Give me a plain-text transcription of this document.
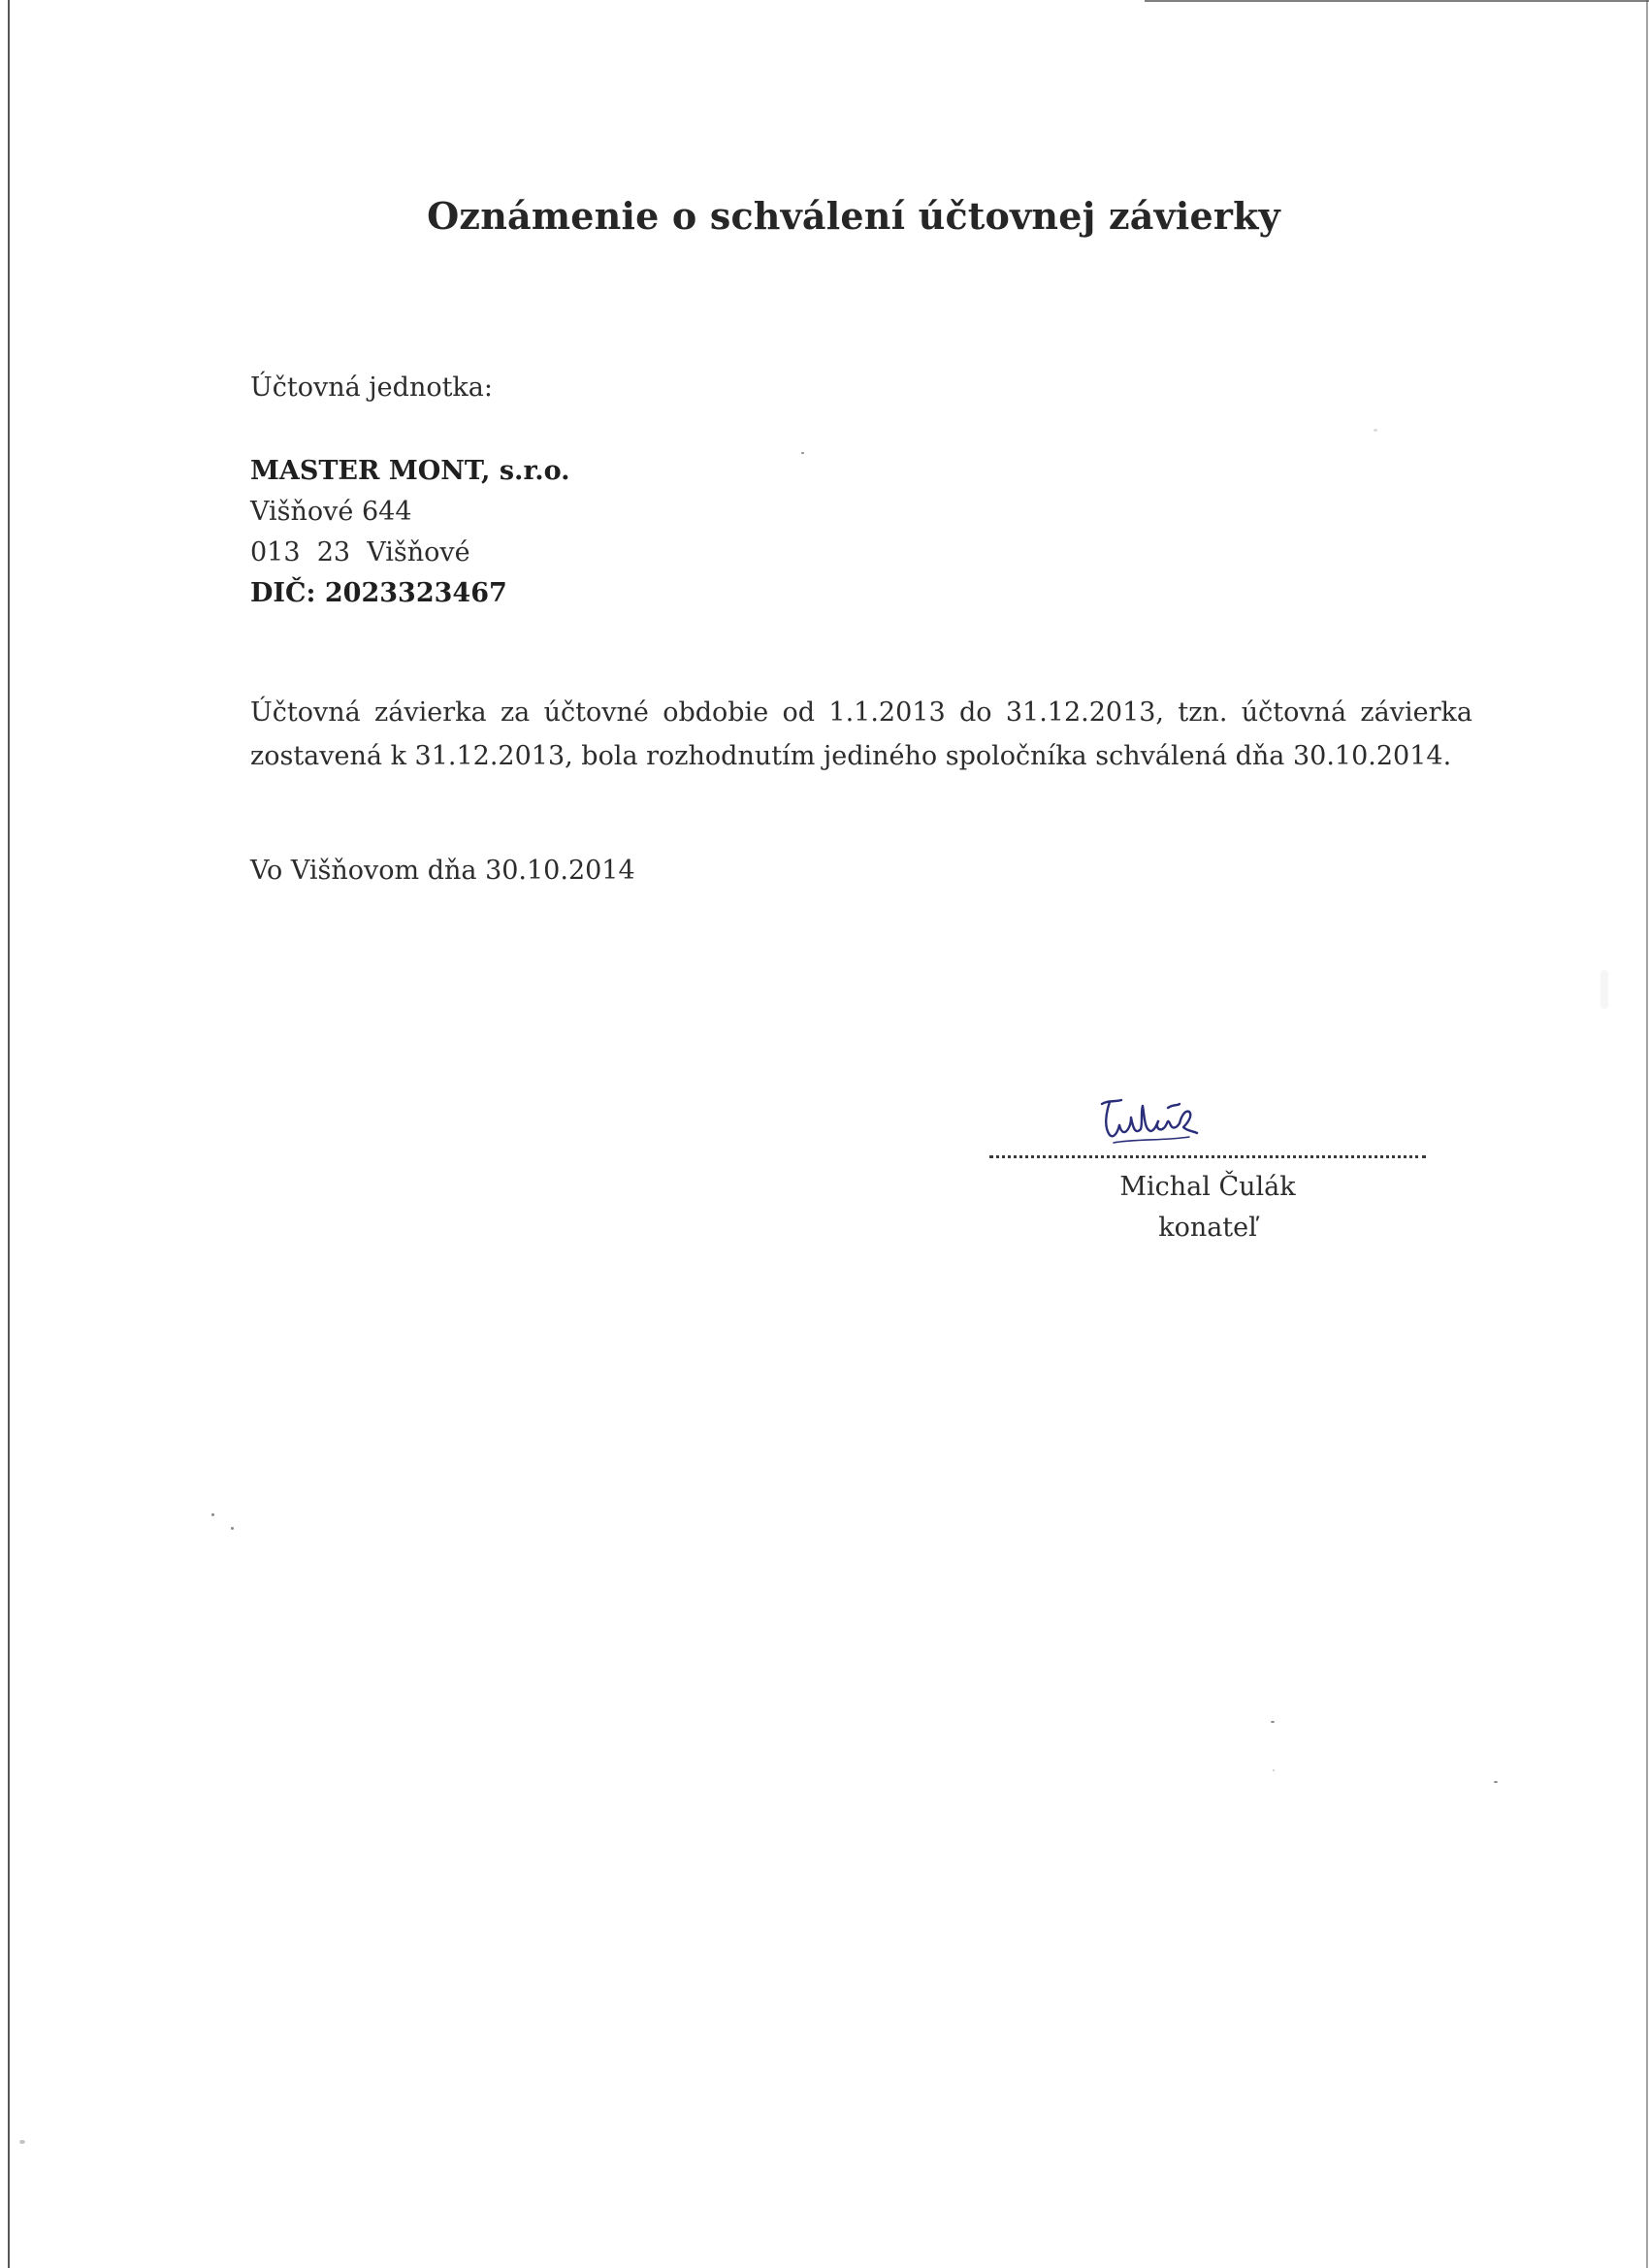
Oznámenie o schválení účtovnej závierky
Účtovná jednotka:
MASTER MONT, s.r.o.
Višňové 644
013  23  Višňové
DIČ: 2023323467
Účtovná závierka za účtovné obdobie od 1.1.2013 do 31.12.2013, tzn. účtovná závierka zostavená k 31.12.2013, bola rozhodnutím jediného spoločníka schválená dňa 30.10.2014.
Vo Višňovom dňa 30.10.2014
Michal Čulák
konateľ
